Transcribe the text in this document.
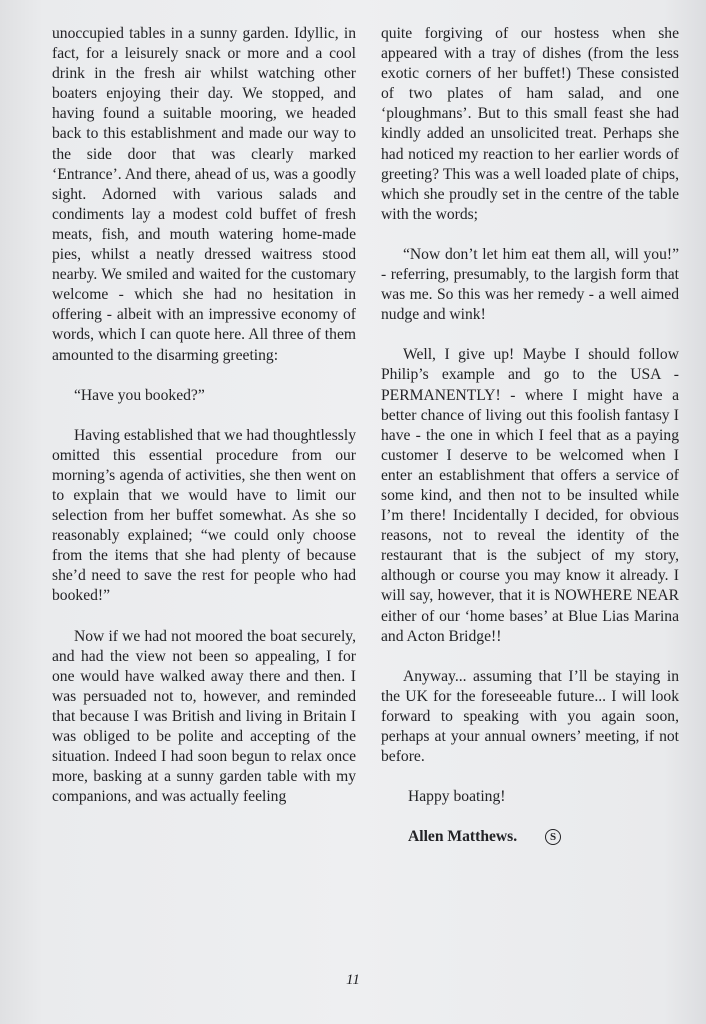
unoccupied tables in a sunny garden. Idyllic, in fact, for a leisurely snack or more and a cool drink in the fresh air whilst watching other boaters enjoying their day. We stopped, and having found a suitable mooring, we headed back to this establishment and made our way to the side door that was clearly marked ‘Entrance’. And there, ahead of us, was a goodly sight. Adorned with various salads and condiments lay a modest cold buffet of fresh meats, fish, and mouth watering home-made pies, whilst a neatly dressed waitress stood nearby. We smiled and waited for the customary welcome - which she had no hesitation in offering - albeit with an impressive economy of words, which I can quote here. All three of them amounted to the disarming greeting:

“Have you booked?”

Having established that we had thoughtlessly omitted this essential procedure from our morning’s agenda of activities, she then went on to explain that we would have to limit our selection from her buffet somewhat. As she so reasonably explained; “we could only choose from the items that she had plenty of because she’d need to save the rest for people who had booked!”

Now if we had not moored the boat securely, and had the view not been so appealing, I for one would have walked away there and then. I was persuaded not to, however, and reminded that because I was British and living in Britain I was obliged to be polite and accepting of the situation. Indeed I had soon begun to relax once more, basking at a sunny garden table with my companions, and was actually feeling

quite forgiving of our hostess when she appeared with a tray of dishes (from the less exotic corners of her buffet!) These consisted of two plates of ham salad, and one ‘ploughmans’. But to this small feast she had kindly added an unsolicited treat. Perhaps she had noticed my reaction to her earlier words of greeting? This was a well loaded plate of chips, which she proudly set in the centre of the table with the words;

“Now don’t let him eat them all, will you!” - referring, presumably, to the largish form that was me. So this was her remedy - a well aimed nudge and wink!

Well, I give up! Maybe I should follow Philip’s example and go to the USA - PERMANENTLY! - where I might have a better chance of living out this foolish fantasy I have - the one in which I feel that as a paying customer I deserve to be welcomed when I enter an establishment that offers a service of some kind, and then not to be insulted while I’m there! Incidentally I decided, for obvious reasons, not to reveal the identity of the restaurant that is the subject of my story, although or course you may know it already. I will say, however, that it is NOWHERE NEAR either of our ‘home bases’ at Blue Lias Marina and Acton Bridge!!

Anyway... assuming that I’ll be staying in the UK for the foreseeable future... I will look forward to speaking with you again soon, perhaps at your annual owners’ meeting, if not before.

Happy boating!

Allen Matthews.	S

11
